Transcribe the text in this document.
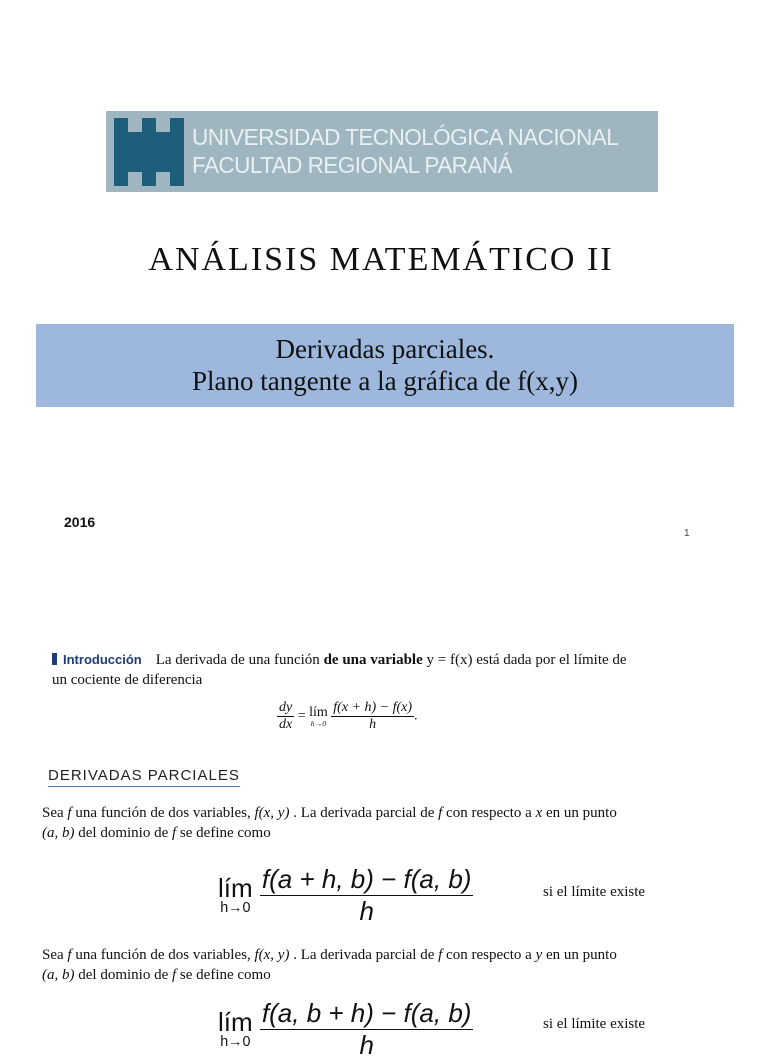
UNIVERSIDAD TECNOLÓGICA NACIONAL
FACULTAD REGIONAL PARANÁ
ANÁLISIS MATEMÁTICO II
Derivadas parciales.
Plano tangente a la gráfica de f(x,y)
2016
1
Introducción La derivada de una función de una variable y = f(x) está dada por el límite de
un cociente de diferencia
$\frac{dy}{dx}$ = lím
h→0
$\frac{f(x + h) - f(x)}{h}$ .
DERIVADAS PARCIALES
Sea f una función de dos variables, f(x, y) . La derivada parcial de f con respecto a x en un punto
(a, b) del dominio de f se define como
lím
h→0
$\frac{f(a + h, b) - f(a, b)}{h}$	si el límite existe
Sea f una función de dos variables, f(x, y) . La derivada parcial de f con respecto a y en un punto
(a, b) del dominio de f se define como
lím
h→0
$\frac{f(a, b + h) - f(a, b)}{h}$	si el límite existe
